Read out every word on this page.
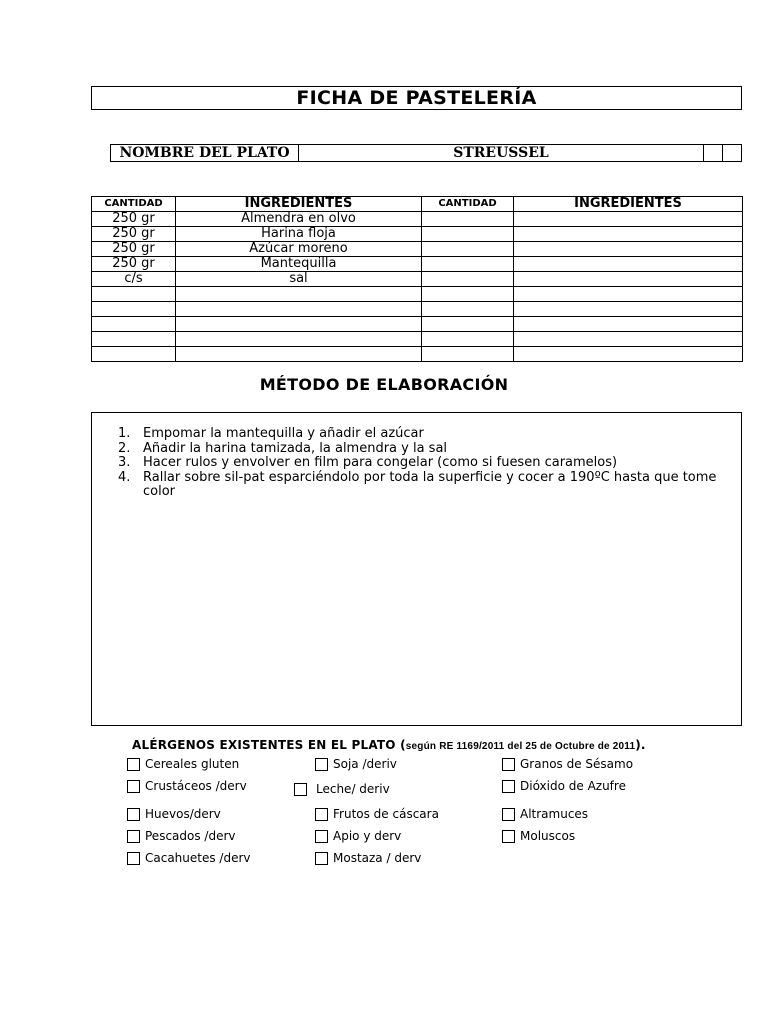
FICHA DE PASTELERÍA
NOMBRE DEL PLATO	STREUSSEL		
CANTIDAD	INGREDIENTES	CANTIDAD	INGREDIENTES
250 gr	Almendra en olvo		
250 gr	Harina floja		
250 gr	Azúcar moreno		
250 gr	Mantequilla		
c/s	sal		

MÉTODO DE ELABORACIÓN
1. Empomar la mantequilla y añadir el azúcar
2. Añadir la harina tamizada, la almendra y la sal
3. Hacer rulos y envolver en film para congelar (como si fuesen caramelos)
4. Rallar sobre sil-pat esparciéndolo por toda la superficie y cocer a 190ºC hasta que tome color
ALÉRGENOS EXISTENTES EN EL PLATO (según RE 1169/2011 del 25 de Octubre de 2011).
Cereales gluten	Soja /deriv	Granos de Sésamo
Crustáceos /derv	Leche/ deriv	Dióxido de Azufre
Huevos/derv	Frutos de cáscara	Altramuces
Pescados /derv	Apio y derv	Moluscos
Cacahuetes /derv	Mostaza / derv
